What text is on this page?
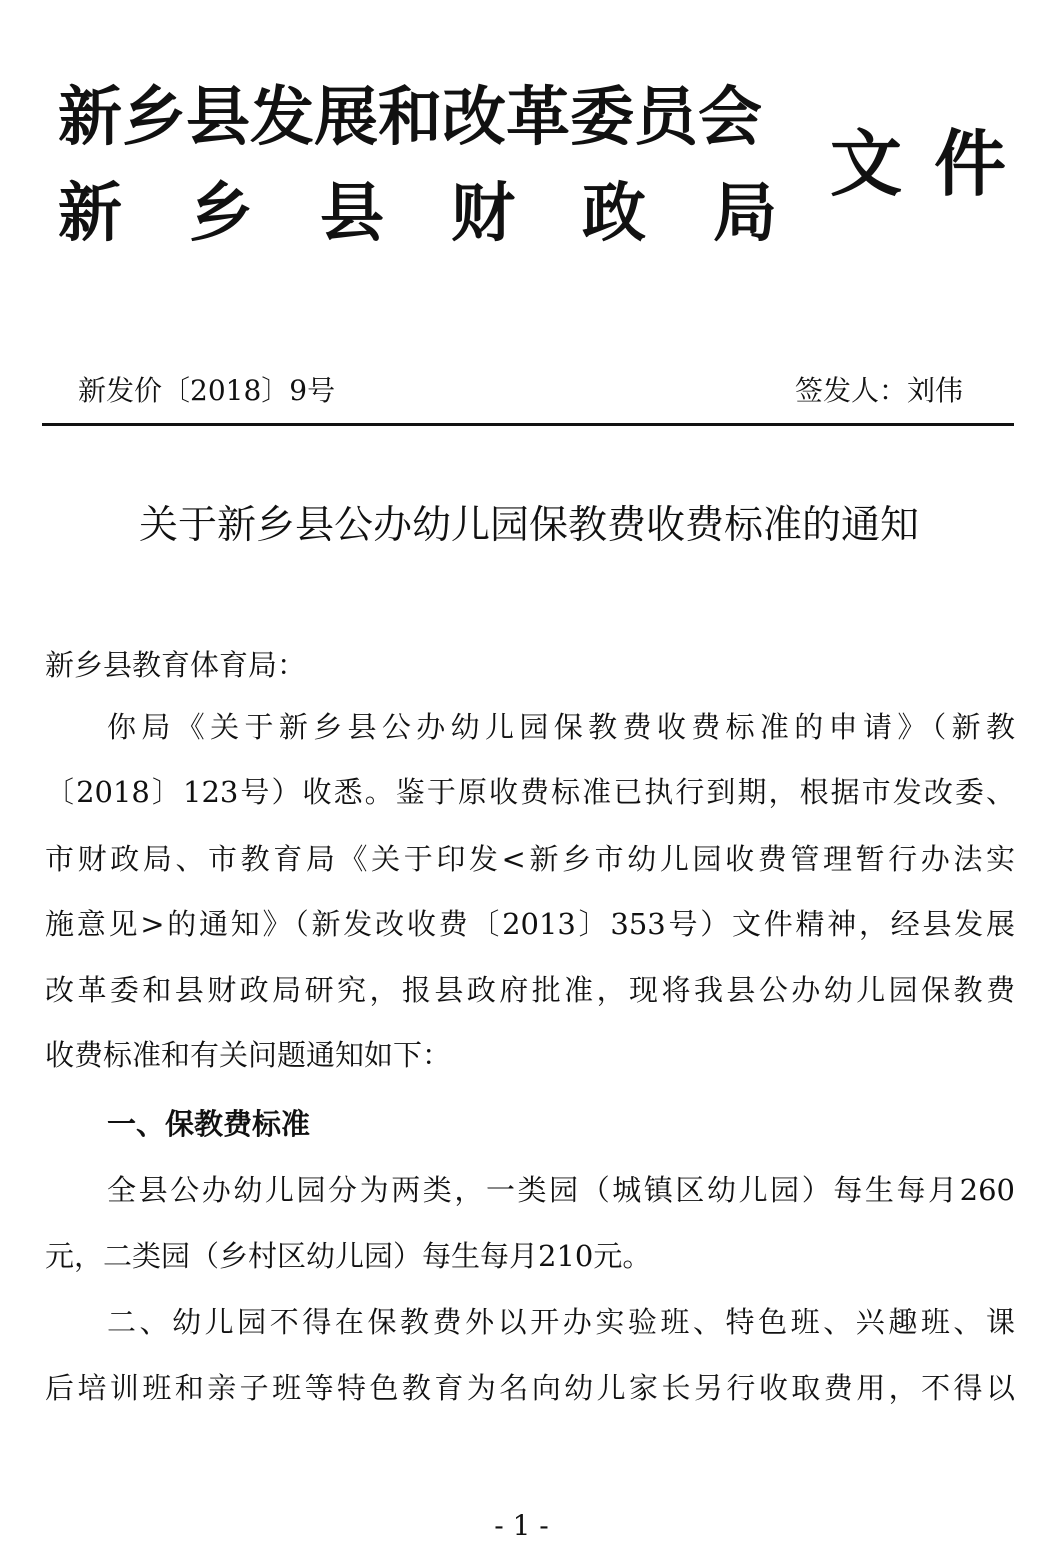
新乡县发展和改革委员会
新乡县财政局
文件
新发价〔2018〕9号	签发人：刘伟
关于新乡县公办幼儿园保教费收费标准的通知
新乡县教育体育局：
你局《关于新乡县公办幼儿园保教费收费标准的申请》（新教
〔2018〕123号）收悉。鉴于原收费标准已执行到期，根据市发改委、
市财政局、市教育局《关于印发<新乡市幼儿园收费管理暂行办法实
施意见>的通知》（新发改收费〔2013〕353号）文件精神，经县发展
改革委和县财政局研究，报县政府批准，现将我县公办幼儿园保教费
收费标准和有关问题通知如下：
一、保教费标准
全县公办幼儿园分为两类，一类园（城镇区幼儿园）每生每月260
元，二类园（乡村区幼儿园）每生每月210元。
二、幼儿园不得在保教费外以开办实验班、特色班、兴趣班、课
后培训班和亲子班等特色教育为名向幼儿家长另行收取费用，不得以
- 1 -
